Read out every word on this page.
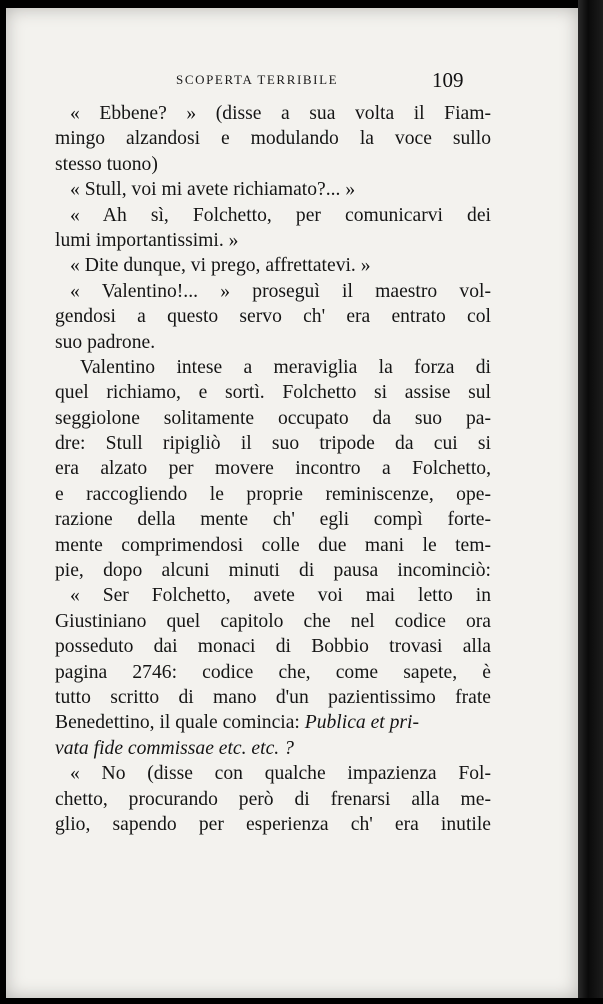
SCOPERTA TERRIBILE	109
« Ebbene? » (disse a sua volta il Fiam-
mingo alzandosi e modulando la voce sullo
stesso tuono)
« Stull, voi mi avete richiamato?... »
« Ah sì, Folchetto, per comunicarvi dei
lumi importantissimi. »
« Dite dunque, vi prego, affrettatevi. »
« Valentino!... » proseguì il maestro vol-
gendosi a questo servo ch' era entrato col
suo padrone.
Valentino intese a meraviglia la forza di
quel richiamo, e sortì. Folchetto si assise sul
seggiolone solitamente occupato da suo pa-
dre: Stull ripigliò il suo tripode da cui si
era alzato per movere incontro a Folchetto,
e raccogliendo le proprie reminiscenze, ope-
razione della mente ch' egli compì forte-
mente comprimendosi colle due mani le tem-
pie, dopo alcuni minuti di pausa incominciò:
« Ser Folchetto, avete voi mai letto in
Giustiniano quel capitolo che nel codice ora
posseduto dai monaci di Bobbio trovasi alla
pagina 2746: codice che, come sapete, è
tutto scritto di mano d'un pazientissimo frate
Benedettino, il quale comincia: Publica et pri-
vata fide commissae etc. etc. ?
« No (disse con qualche impazienza Fol-
chetto, procurando però di frenarsi alla me-
glio, sapendo per esperienza ch' era inutile
